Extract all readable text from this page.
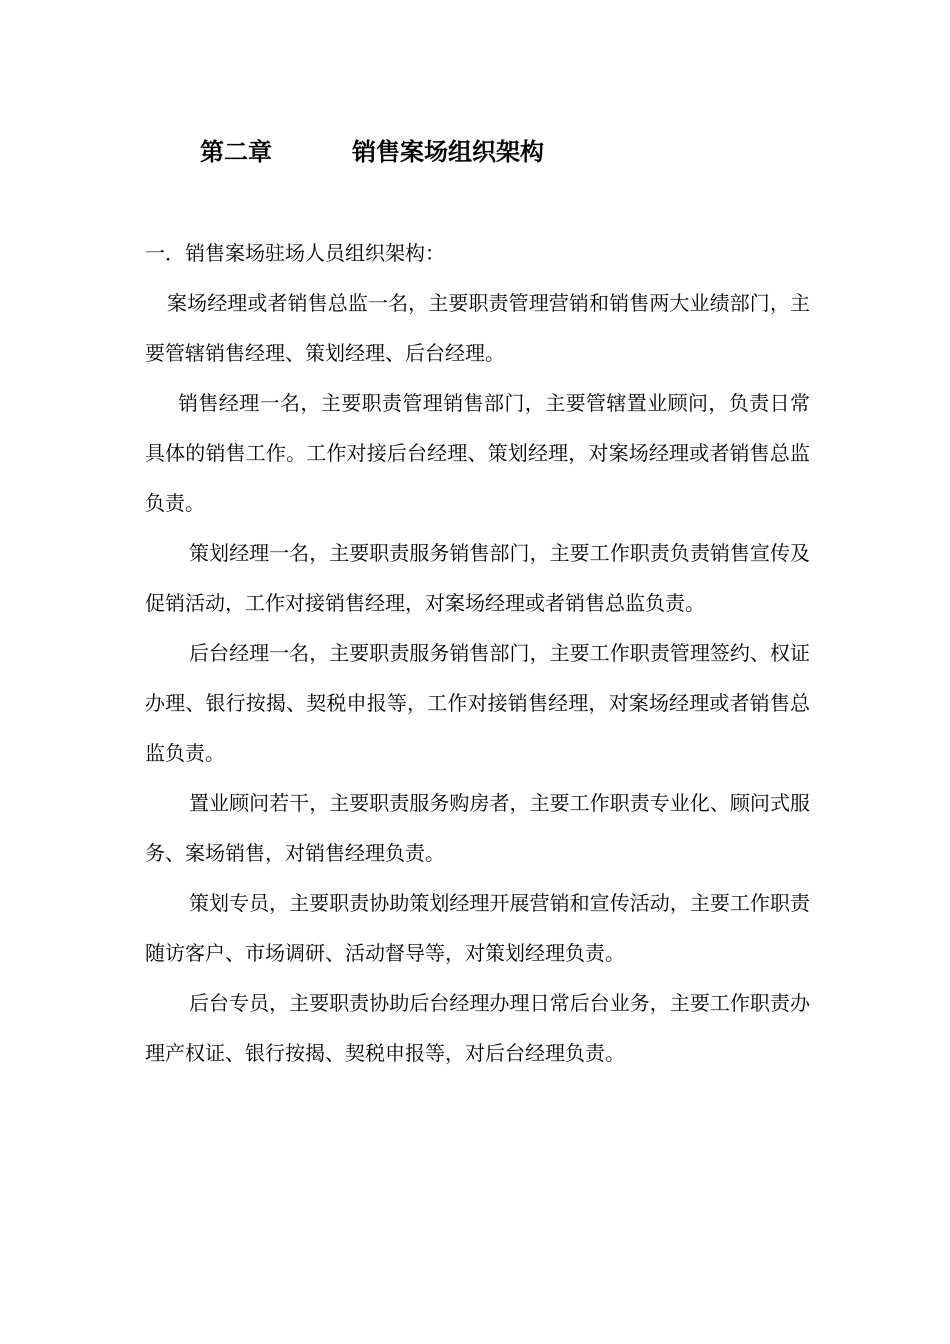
第二章	销售案场组织架构

一．销售案场驻场人员组织架构：

案场经理或者销售总监一名，主要职责管理营销和销售两大业绩部门，主要管辖销售经理、策划经理、后台经理。

销售经理一名，主要职责管理销售部门，主要管辖置业顾问，负责日常具体的销售工作。工作对接后台经理、策划经理，对案场经理或者销售总监负责。

策划经理一名，主要职责服务销售部门，主要工作职责负责销售宣传及促销活动，工作对接销售经理，对案场经理或者销售总监负责。

后台经理一名，主要职责服务销售部门，主要工作职责管理签约、权证办理、银行按揭、契税申报等，工作对接销售经理，对案场经理或者销售总监负责。

置业顾问若干，主要职责服务购房者，主要工作职责专业化、顾问式服务、案场销售，对销售经理负责。

策划专员，主要职责协助策划经理开展营销和宣传活动，主要工作职责随访客户、市场调研、活动督导等，对策划经理负责。

后台专员，主要职责协助后台经理办理日常后台业务，主要工作职责办理产权证、银行按揭、契税申报等，对后台经理负责。
